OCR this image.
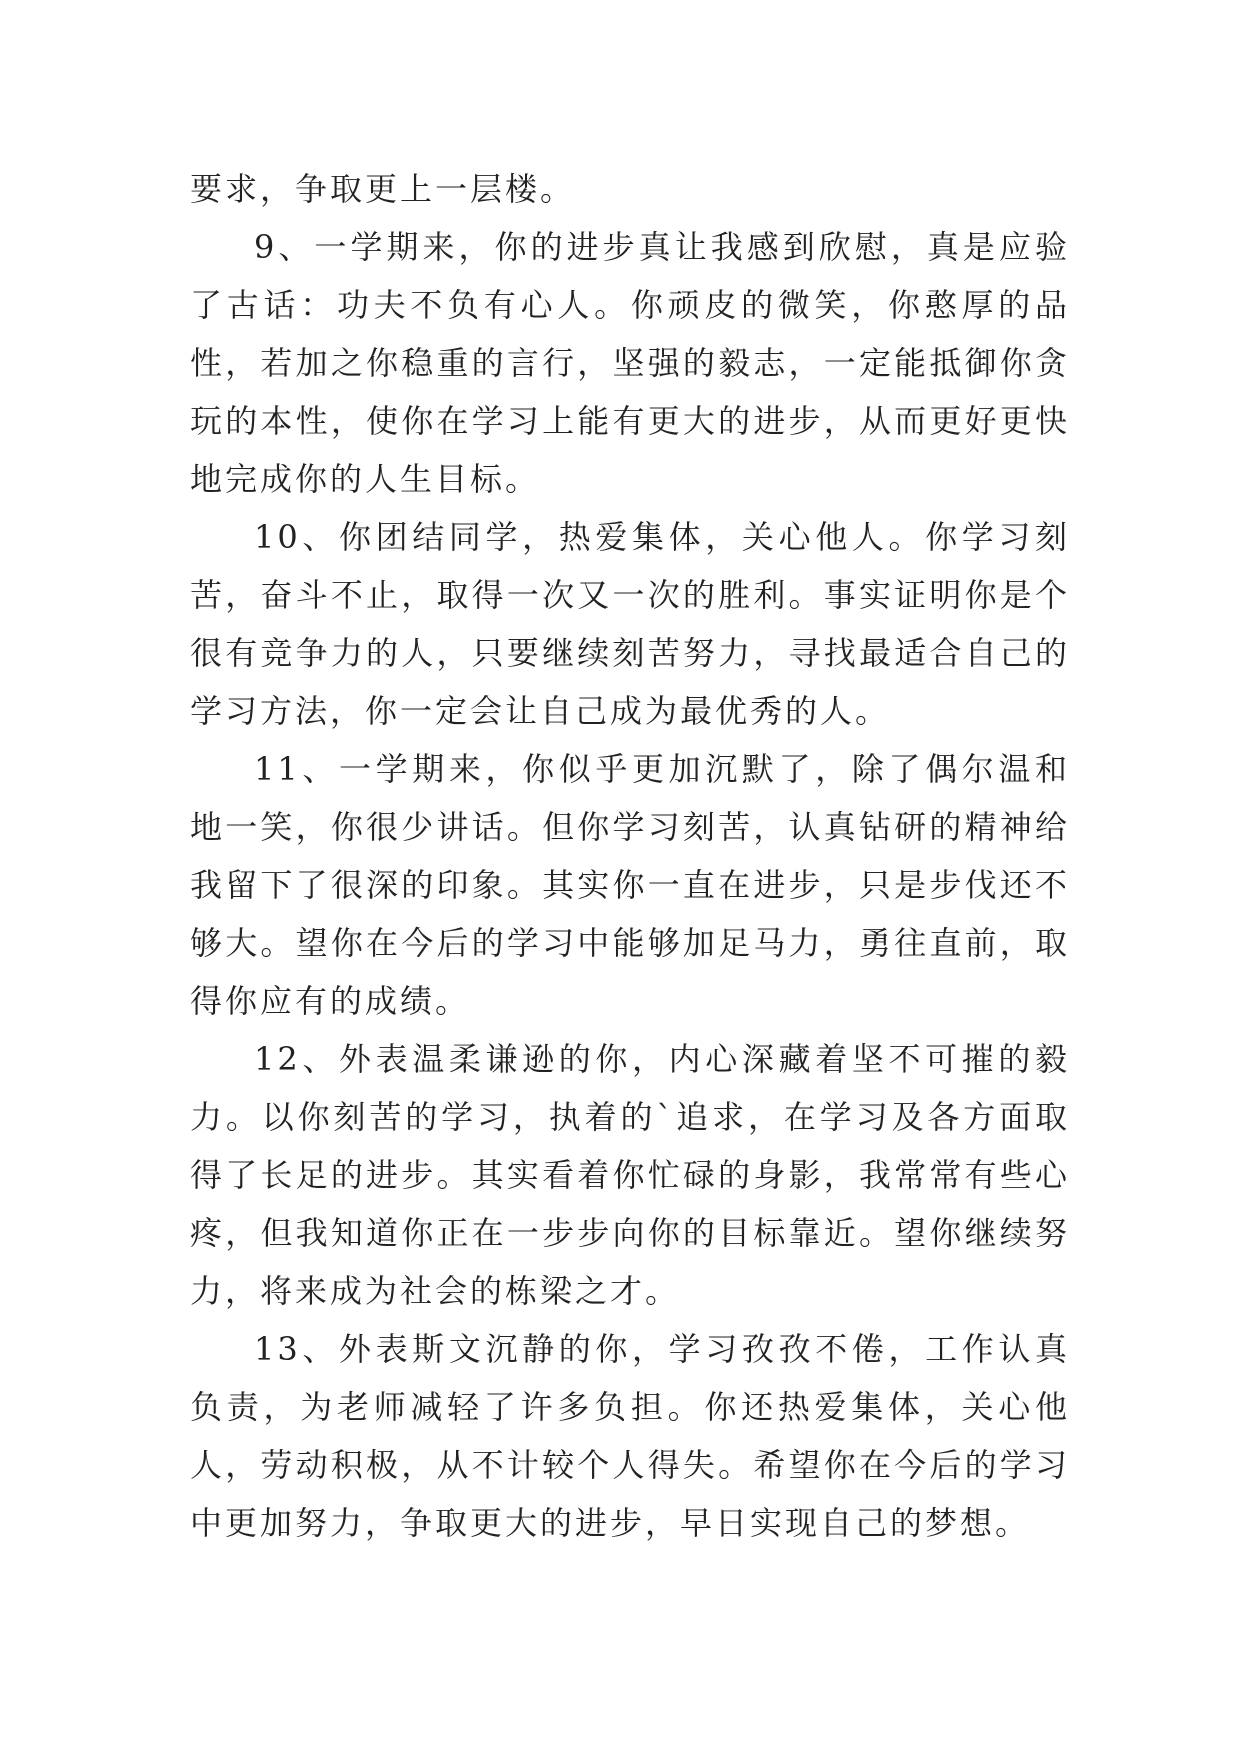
要求，争取更上一层楼。

9、一学期来，你的进步真让我感到欣慰，真是应验了古话：功夫不负有心人。你顽皮的微笑，你憨厚的品性，若加之你稳重的言行，坚强的毅志，一定能抵御你贪玩的本性，使你在学习上能有更大的进步，从而更好更快地完成你的人生目标。

10、你团结同学，热爱集体，关心他人。你学习刻苦，奋斗不止，取得一次又一次的胜利。事实证明你是个很有竞争力的人，只要继续刻苦努力，寻找最适合自己的学习方法，你一定会让自己成为最优秀的人。

11、一学期来，你似乎更加沉默了，除了偶尔温和地一笑，你很少讲话。但你学习刻苦，认真钻研的精神给我留下了很深的印象。其实你一直在进步，只是步伐还不够大。望你在今后的学习中能够加足马力，勇往直前，取得你应有的成绩。

12、外表温柔谦逊的你，内心深藏着坚不可摧的毅力。以你刻苦的学习，执着的`追求，在学习及各方面取得了长足的进步。其实看着你忙碌的身影，我常常有些心疼，但我知道你正在一步步向你的目标靠近。望你继续努力，将来成为社会的栋梁之才。

13、外表斯文沉静的你，学习孜孜不倦，工作认真负责，为老师减轻了许多负担。你还热爱集体，关心他人，劳动积极，从不计较个人得失。希望你在今后的学习中更加努力，争取更大的进步，早日实现自己的梦想。
